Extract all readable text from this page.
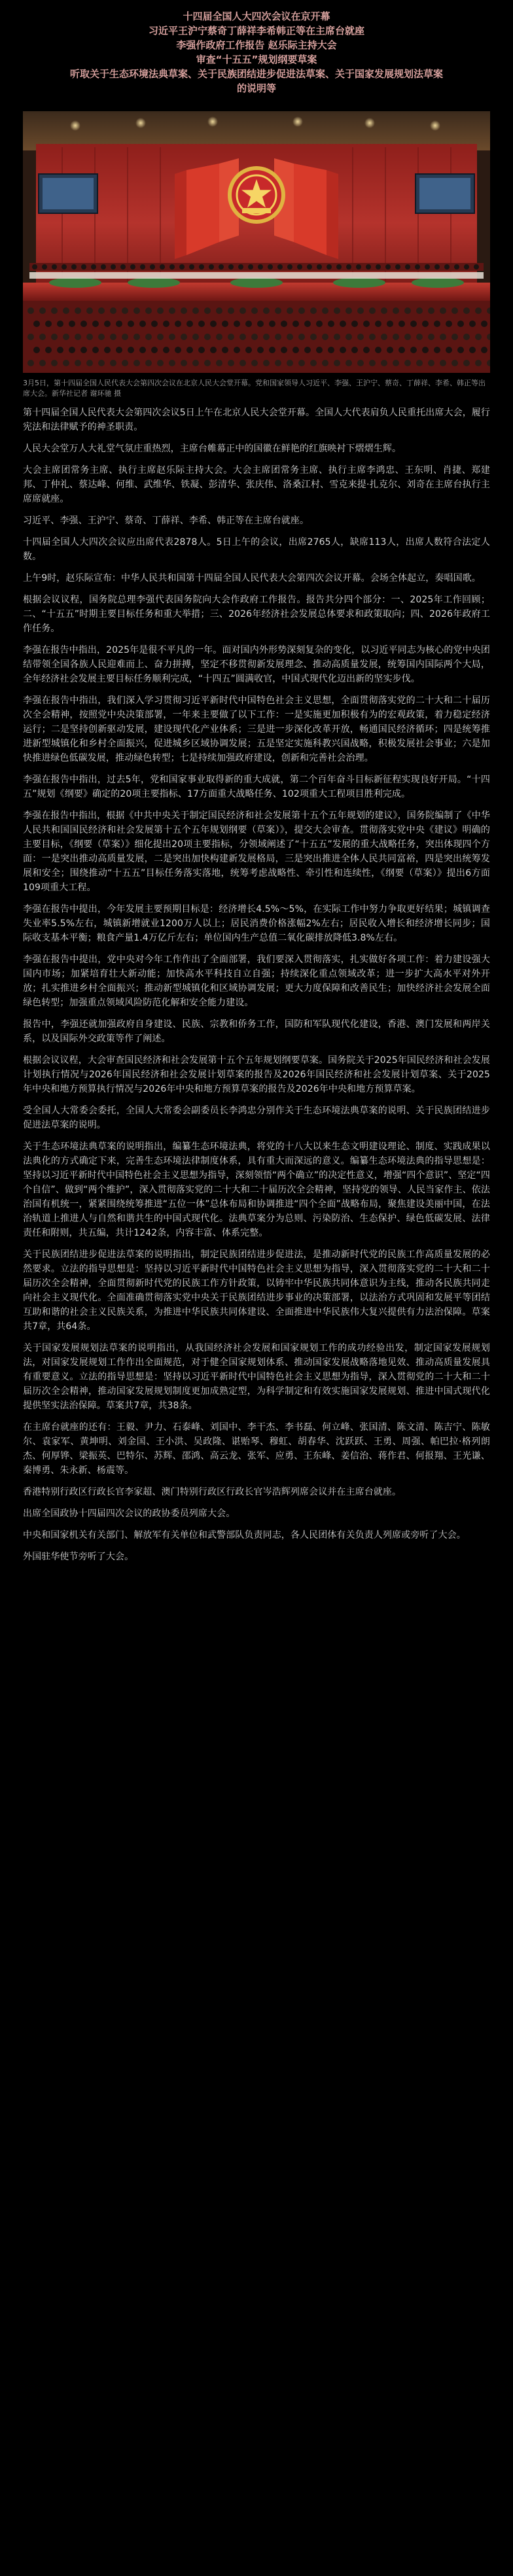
十四届全国人大四次会议在京开幕
习近平王沪宁蔡奇丁薛祥李希韩正等在主席台就座
李强作政府工作报告 赵乐际主持大会
审查“十五五”规划纲要草案
听取关于生态环境法典草案、关于民族团结进步促进法草案、关于国家发展规划法草案
的说明等

3月5日，第十四届全国人民代表大会第四次会议在北京人民大会堂开幕。党和国家领导人习近平、李强、王沪宁、蔡奇、丁薛祥、李希、韩正等出席大会。新华社记者 谢环驰 摄

第十四届全国人民代表大会第四次会议5日上午在北京人民大会堂开幕。全国人大代表肩负人民重托出席大会，履行宪法和法律赋予的神圣职责。

人民大会堂万人大礼堂气氛庄重热烈，主席台帷幕正中的国徽在鲜艳的红旗映衬下熠熠生辉。

大会主席团常务主席、执行主席赵乐际主持大会。大会主席团常务主席、执行主席李鸿忠、王东明、肖捷、郑建邦、丁仲礼、蔡达峰、何维、武维华、铁凝、彭清华、张庆伟、洛桑江村、雪克来提·扎克尔、刘奇在主席台执行主席席就座。

习近平、李强、王沪宁、蔡奇、丁薛祥、李希、韩正等在主席台就座。

十四届全国人大四次会议应出席代表2878人。5日上午的会议，出席2765人，缺席113人，出席人数符合法定人数。

上午9时，赵乐际宣布：中华人民共和国第十四届全国人民代表大会第四次会议开幕。会场全体起立，奏唱国歌。

根据会议议程，国务院总理李强代表国务院向大会作政府工作报告。报告共分四个部分：一、2025年工作回顾；二、“十五五”时期主要目标任务和重大举措；三、2026年经济社会发展总体要求和政策取向；四、2026年政府工作任务。

李强在报告中指出，2025年是很不平凡的一年。面对国内外形势深刻复杂的变化，以习近平同志为核心的党中央团结带领全国各族人民迎难而上、奋力拼搏，坚定不移贯彻新发展理念、推动高质量发展，统筹国内国际两个大局，全年经济社会发展主要目标任务顺利完成，“十四五”圆满收官，中国式现代化迈出新的坚实步伐。

李强在报告中指出，我们深入学习贯彻习近平新时代中国特色社会主义思想，全面贯彻落实党的二十大和二十届历次全会精神，按照党中央决策部署，一年来主要做了以下工作：一是实施更加积极有为的宏观政策，着力稳定经济运行；二是坚持创新驱动发展，建设现代化产业体系；三是进一步深化改革开放，畅通国民经济循环；四是统筹推进新型城镇化和乡村全面振兴，促进城乡区域协调发展；五是坚定实施科教兴国战略，积极发展社会事业；六是加快推进绿色低碳发展，推动绿色转型；七是持续加强政府建设，创新和完善社会治理。

李强在报告中指出，过去5年，党和国家事业取得新的重大成就，第二个百年奋斗目标新征程实现良好开局。“十四五”规划《纲要》确定的20项主要指标、17方面重大战略任务、102项重大工程项目胜利完成。

李强在报告中指出，根据《中共中央关于制定国民经济和社会发展第十五个五年规划的建议》，国务院编制了《中华人民共和国国民经济和社会发展第十五个五年规划纲要（草案）》，提交大会审查。贯彻落实党中央《建议》明确的主要目标，《纲要（草案）》细化提出20项主要指标，分领域阐述了“十五五”发展的重大战略任务，突出体现四个方面：一是突出推动高质量发展，二是突出加快构建新发展格局，三是突出推进全体人民共同富裕，四是突出统筹发展和安全；围绕推动“十五五”目标任务落实落地，统筹考虑战略性、牵引性和连续性，《纲要（草案）》提出6方面109项重大工程。

李强在报告中提出，今年发展主要预期目标是：经济增长4.5%～5%，在实际工作中努力争取更好结果；城镇调查失业率5.5%左右，城镇新增就业1200万人以上；居民消费价格涨幅2%左右；居民收入增长和经济增长同步；国际收支基本平衡；粮食产量1.4万亿斤左右；单位国内生产总值二氧化碳排放降低3.8%左右。

李强在报告中提出，党中央对今年工作作出了全面部署，我们要深入贯彻落实，扎实做好各项工作：着力建设强大国内市场；加紧培育壮大新动能；加快高水平科技自立自强；持续深化重点领域改革；进一步扩大高水平对外开放；扎实推进乡村全面振兴；推动新型城镇化和区域协调发展；更大力度保障和改善民生；加快经济社会发展全面绿色转型；加强重点领域风险防范化解和安全能力建设。

报告中，李强还就加强政府自身建设、民族、宗教和侨务工作，国防和军队现代化建设，香港、澳门发展和两岸关系，以及国际外交政策等作了阐述。

根据会议议程，大会审查国民经济和社会发展第十五个五年规划纲要草案。国务院关于2025年国民经济和社会发展计划执行情况与2026年国民经济和社会发展计划草案的报告及2026年国民经济和社会发展计划草案、关于2025年中央和地方预算执行情况与2026年中央和地方预算草案的报告及2026年中央和地方预算草案。

受全国人大常委会委托，全国人大常委会副委员长李鸿忠分别作关于生态环境法典草案的说明、关于民族团结进步促进法草案的说明。

关于生态环境法典草案的说明指出，编纂生态环境法典，将党的十八大以来生态文明建设理论、制度、实践成果以法典化的方式确定下来，完善生态环境法律制度体系，具有重大而深远的意义。编纂生态环境法典的指导思想是：坚持以习近平新时代中国特色社会主义思想为指导，深刻领悟“两个确立”的决定性意义，增强“四个意识”、坚定“四个自信”、做到“两个维护”，深入贯彻落实党的二十大和二十届历次全会精神，坚持党的领导、人民当家作主、依法治国有机统一，紧紧围绕统筹推进“五位一体”总体布局和协调推进“四个全面”战略布局，聚焦建设美丽中国，在法治轨道上推进人与自然和谐共生的中国式现代化。法典草案分为总则、污染防治、生态保护、绿色低碳发展、法律责任和附则，共五编，共计1242条，内容丰富、体系完整。

关于民族团结进步促进法草案的说明指出，制定民族团结进步促进法，是推动新时代党的民族工作高质量发展的必然要求。立法的指导思想是：坚持以习近平新时代中国特色社会主义思想为指导，深入贯彻落实党的二十大和二十届历次全会精神，全面贯彻新时代党的民族工作方针政策，以铸牢中华民族共同体意识为主线，推动各民族共同走向社会主义现代化。全面准确贯彻落实党中央关于民族团结进步事业的决策部署，以法治方式巩固和发展平等团结互助和谐的社会主义民族关系，为推进中华民族共同体建设、全面推进中华民族伟大复兴提供有力法治保障。草案共7章，共64条。

关于国家发展规划法草案的说明指出，从我国经济社会发展和国家规划工作的成功经验出发，制定国家发展规划法，对国家发展规划工作作出全面规范，对于健全国家规划体系、推动国家发展战略落地见效、推动高质量发展具有重要意义。立法的指导思想是：坚持以习近平新时代中国特色社会主义思想为指导，深入贯彻党的二十大和二十届历次全会精神，推动国家发展规划制度更加成熟定型，为科学制定和有效实施国家发展规划、推进中国式现代化提供坚实法治保障。草案共7章，共38条。

在主席台就座的还有：王毅、尹力、石泰峰、刘国中、李干杰、李书磊、何立峰、张国清、陈文清、陈吉宁、陈敏尔、袁家军、黄坤明、刘金国、王小洪、吴政隆、谌贻琴、穆虹、胡春华、沈跃跃、王勇、周强、帕巴拉·格列朗杰、何厚铧、梁振英、巴特尔、苏辉、邵鸿、高云龙、张军、应勇、王东峰、姜信治、蒋作君、何报翔、王光谦、秦博勇、朱永新、杨震等。

香港特别行政区行政长官李家超、澳门特别行政区行政长官岑浩辉列席会议并在主席台就座。

出席全国政协十四届四次会议的政协委员列席大会。

中央和国家机关有关部门、解放军有关单位和武警部队负责同志，各人民团体有关负责人列席或旁听了大会。

外国驻华使节旁听了大会。
